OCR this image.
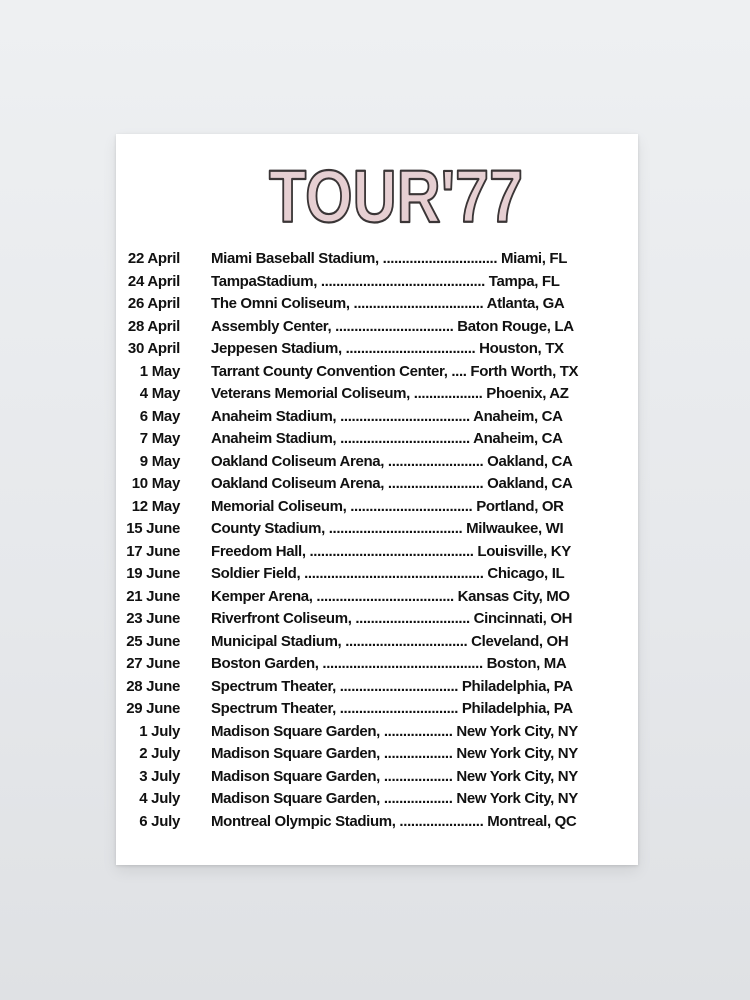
TOUR'77
22 April Miami Baseball Stadium, .............................. Miami, FL
24 April TampaStadium, ........................................... Tampa, FL
26 April The Omni Coliseum, .................................. Atlanta, GA
28 April Assembly Center, ............................... Baton Rouge, LA
30 April Jeppesen Stadium, .................................. Houston, TX
1 May Tarrant County Convention Center, .... Forth Worth, TX
4 May Veterans Memorial Coliseum, .................. Phoenix, AZ
6 May Anaheim Stadium, .................................. Anaheim, CA
7 May Anaheim Stadium, .................................. Anaheim, CA
9 May Oakland Coliseum Arena, ......................... Oakland, CA
10 May Oakland Coliseum Arena, ......................... Oakland, CA
12 May Memorial Coliseum, ................................ Portland, OR
15 June County Stadium, ................................... Milwaukee, WI
17 June Freedom Hall, ........................................... Louisville, KY
19 June Soldier Field, ............................................... Chicago, IL
21 June Kemper Arena, .................................... Kansas City, MO
23 June Riverfront Coliseum, .............................. Cincinnati, OH
25 June Municipal Stadium, ................................ Cleveland, OH
27 June Boston Garden, .......................................... Boston, MA
28 June Spectrum Theater, ............................... Philadelphia, PA
29 June Spectrum Theater, ............................... Philadelphia, PA
1 July Madison Square Garden, .................. New York City, NY
2 July Madison Square Garden, .................. New York City, NY
3 July Madison Square Garden, .................. New York City, NY
4 July Madison Square Garden, .................. New York City, NY
6 July Montreal Olympic Stadium, ...................... Montreal, QC
